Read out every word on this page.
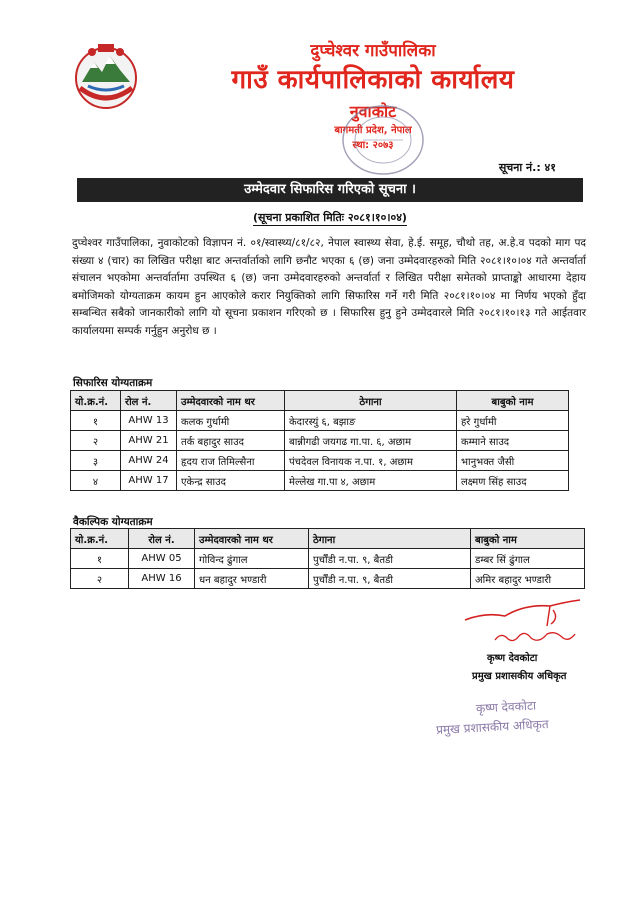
दुप्चेश्वर गाउँपालिका
गाउँ कार्यपालिकाको कार्यालय
नुवाकोट
बागमती प्रदेश, नेपाल
स्था: २०७३
सूचना नं.: ४१
उम्मेदवार सिफारिस गरिएको सूचना ।
(सूचना प्रकाशित मितिः २०८१।१०।०४)
दुप्चेश्वर गाउँपालिका, नुवाकोटको विज्ञापन नं. ०१/स्वास्थ्य/८१/८२, नेपाल स्वास्थ्य सेवा, हे.ई. समूह, चौथो तह, अ.हे.व पदको माग पद संख्या ४ (चार) का लिखित परीक्षा बाट अन्तर्वार्ताको लागि छनौट भएका ६ (छ) जना उम्मेदवारहरुको मिति २०८१।१०।०४ गते अन्तर्वार्ता संचालन भएकोमा अन्तर्वार्तामा उपस्थित ६ (छ) जना उम्मेदवारहरुको अन्तर्वार्ता र लिखित परीक्षा समेतको प्राप्ताङ्को आधारमा देहाय बमोजिमको योग्यताक्रम कायम हुन आएकोले करार नियुक्तिको लागि सिफारिस गर्ने गरी मिति २०८१।१०।०४ मा निर्णय भएको हुँदा सम्बन्धित सबैको जानकारीको लागि यो सूचना प्रकाशन गरिएको छ । सिफारिस हुनु हुने उम्मेदवारले मिति २०८१।१०।१३ गते आईतवार कार्यालयमा सम्पर्क गर्नुहुन अनुरोध छ ।
सिफारिस योग्यताक्रम
यो.क्र.नं.	रोल नं.	उम्मेदवारको नाम थर	ठेगाना	बाबुको नाम
१	AHW 13	कलक गुर्धामी	केदारस्युं ६, बझाङ	हरे गुर्धामी
२	AHW 21	तर्क बहादुर साउद	बान्नीगढी जयगढ गा.पा. ६, अछाम	कम्माने साउद
३	AHW 24	हृदय राज तिमिल्सैना	पंचदेवल विनायक न.पा. १, अछाम	भानुभक्त जैसी
४	AHW 17	एकेन्द्र साउद	मेल्लेख गा.पा ४, अछाम	लक्ष्मण सिंह साउद
वैकल्पिक योग्यताक्रम
यो.क्र.नं.	रोल नं.	उम्मेदवारको नाम थर	ठेगाना	बाबुको नाम
१	AHW 05	गोविन्द ढुंगाल	पुर्चौंडी न.पा. ९, बैतडी	डम्बर सिं ढुंगाल
२	AHW 16	धन बहादुर भण्डारी	पुर्चौंडी न.पा. ९, बैतडी	अमिर बहादुर भण्डारी
कृष्ण देवकोटा
प्रमुख प्रशासकीय अधिकृत
कृष्ण देवकोटा
प्रमुख प्रशासकीय अधिकृत
